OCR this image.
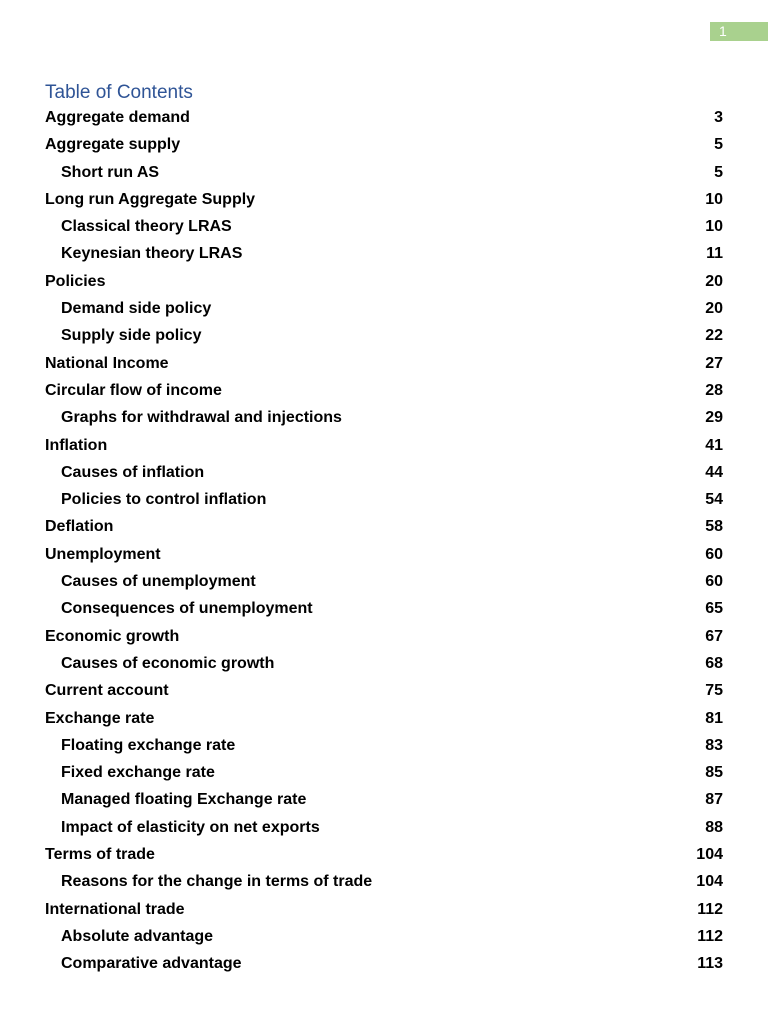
1
Table of Contents
Aggregate demand	3
Aggregate supply	5
Short run AS	5
Long run Aggregate Supply	10
Classical theory LRAS	10
Keynesian theory LRAS	11
Policies	20
Demand side policy	20
Supply side policy	22
National Income	27
Circular flow of income	28
Graphs for withdrawal and injections	29
Inflation	41
Causes of inflation	44
Policies to control inflation	54
Deflation	58
Unemployment	60
Causes of unemployment	60
Consequences of unemployment	65
Economic growth	67
Causes of economic growth	68
Current account	75
Exchange rate	81
Floating exchange rate	83
Fixed exchange rate	85
Managed floating Exchange rate	87
Impact of elasticity on net exports	88
Terms of trade	104
Reasons for the change in terms of trade	104
International trade	112
Absolute advantage	112
Comparative advantage	113
